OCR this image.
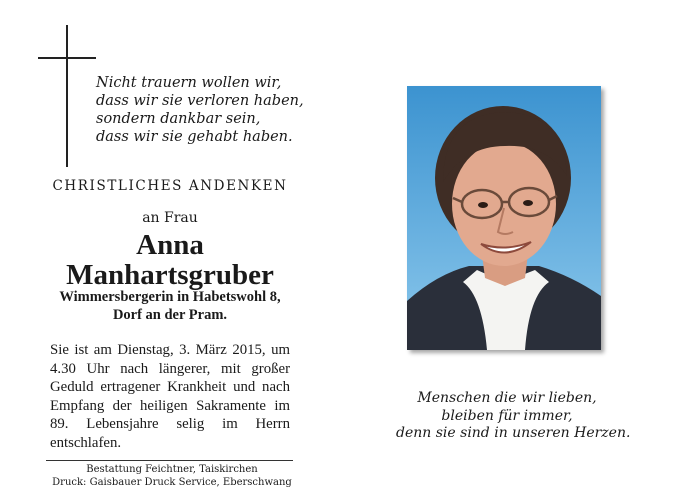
Nicht trauern wollen wir,
dass wir sie verloren haben,
sondern dankbar sein,
dass wir sie gehabt haben.
CHRISTLICHES ANDENKEN
an Frau
Anna
Manhartsgruber
Wimmersbergerin in Habetswohl 8,
Dorf an der Pram.

Sie ist am Dienstag, 3. März 2015, um 4.30 Uhr nach längerer, mit großer Geduld ertragener Krankheit und nach Empfang der heiligen Sakramente im 89. Lebensjahre selig im Herrn entschlafen.

Bestattung Feichtner, Taiskirchen
Druck: Gaisbauer Druck Service, Eberschwang
Menschen die wir lieben,
bleiben für immer,
denn sie sind in unseren Herzen.
